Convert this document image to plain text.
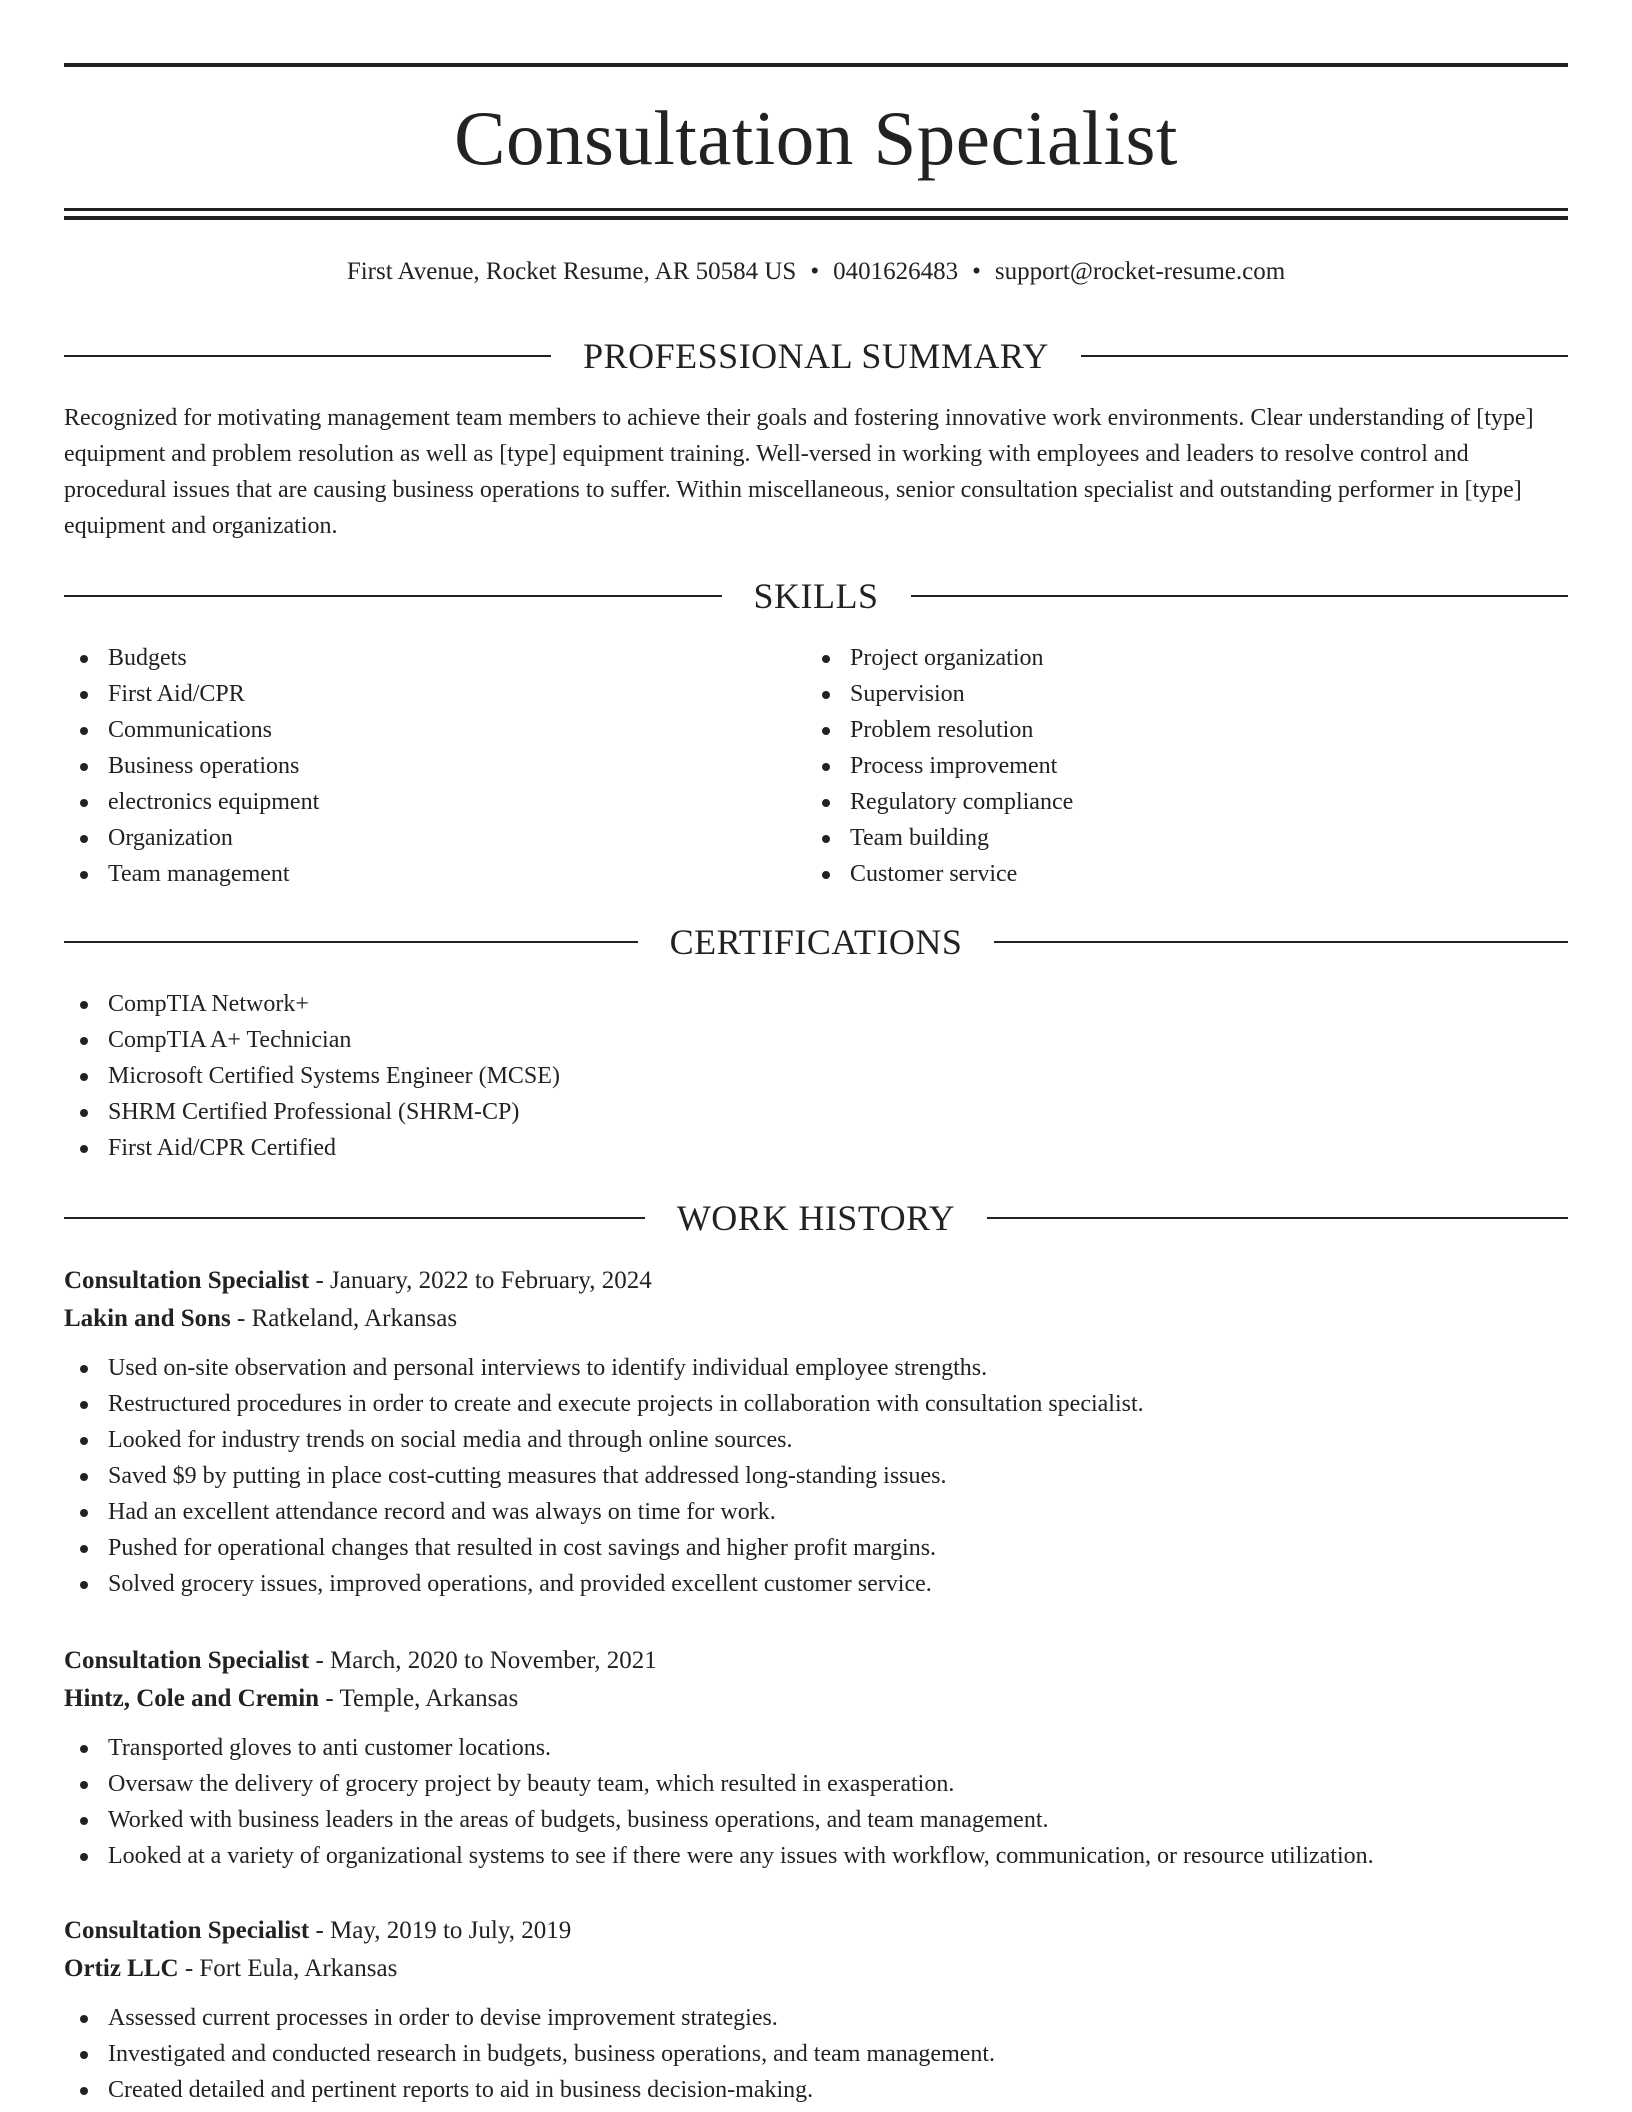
Consultation Specialist
First Avenue, Rocket Resume, AR 50584 US • 0401626483 • support@rocket-resume.com
PROFESSIONAL SUMMARY
Recognized for motivating management team members to achieve their goals and fostering innovative work environments. Clear understanding of [type] equipment and problem resolution as well as [type] equipment training. Well-versed in working with employees and leaders to resolve control and procedural issues that are causing business operations to suffer. Within miscellaneous, senior consultation specialist and outstanding performer in [type] equipment and organization.
SKILLS
Budgets
First Aid/CPR
Communications
Business operations
electronics equipment
Organization
Team management
Project organization
Supervision
Problem resolution
Process improvement
Regulatory compliance
Team building
Customer service
CERTIFICATIONS
CompTIA Network+
CompTIA A+ Technician
Microsoft Certified Systems Engineer (MCSE)
SHRM Certified Professional (SHRM-CP)
First Aid/CPR Certified
WORK HISTORY
Consultation Specialist - January, 2022 to February, 2024
Lakin and Sons - Ratkeland, Arkansas
Used on-site observation and personal interviews to identify individual employee strengths.
Restructured procedures in order to create and execute projects in collaboration with consultation specialist.
Looked for industry trends on social media and through online sources.
Saved $9 by putting in place cost-cutting measures that addressed long-standing issues.
Had an excellent attendance record and was always on time for work.
Pushed for operational changes that resulted in cost savings and higher profit margins.
Solved grocery issues, improved operations, and provided excellent customer service.
Consultation Specialist - March, 2020 to November, 2021
Hintz, Cole and Cremin - Temple, Arkansas
Transported gloves to anti customer locations.
Oversaw the delivery of grocery project by beauty team, which resulted in exasperation.
Worked with business leaders in the areas of budgets, business operations, and team management.
Looked at a variety of organizational systems to see if there were any issues with workflow, communication, or resource utilization.
Consultation Specialist - May, 2019 to July, 2019
Ortiz LLC - Fort Eula, Arkansas
Assessed current processes in order to devise improvement strategies.
Investigated and conducted research in budgets, business operations, and team management.
Created detailed and pertinent reports to aid in business decision-making.
